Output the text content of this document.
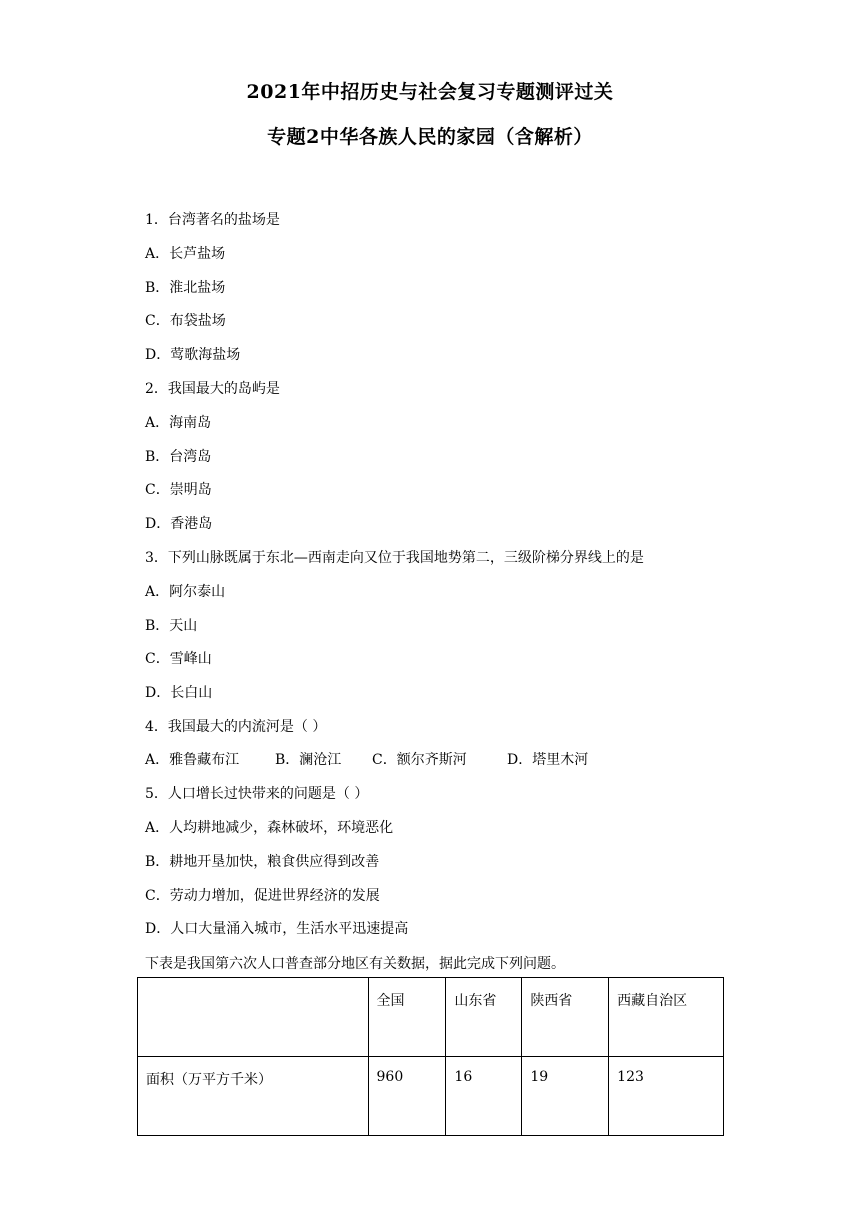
2021年中招历史与社会复习专题测评过关
专题2中华各族人民的家园（含解析）
1．台湾著名的盐场是
A．长芦盐场
B．淮北盐场
C．布袋盐场
D．莺歌海盐场
2．我国最大的岛屿是
A．海南岛
B．台湾岛
C．崇明岛
D．香港岛
3．下列山脉既属于东北—西南走向又位于我国地势第二，三级阶梯分界线上的是
A．阿尔泰山
B．天山
C．雪峰山
D．长白山
4．我国最大的内流河是（ ）
A．雅鲁藏布江	B．澜沧江 C．额尔齐斯河	D．塔里木河
5．人口增长过快带来的问题是（ ）
A．人均耕地减少，森林破坏，环境恶化
B．耕地开垦加快，粮食供应得到改善
C．劳动力增加，促进世界经济的发展
D．人口大量涌入城市，生活水平迅速提高
下表是我国第六次人口普查部分地区有关数据，据此完成下列问题。
	全国	山东省	陕西省	西藏自治区
面积（万平方千米）	960	16	19	123
